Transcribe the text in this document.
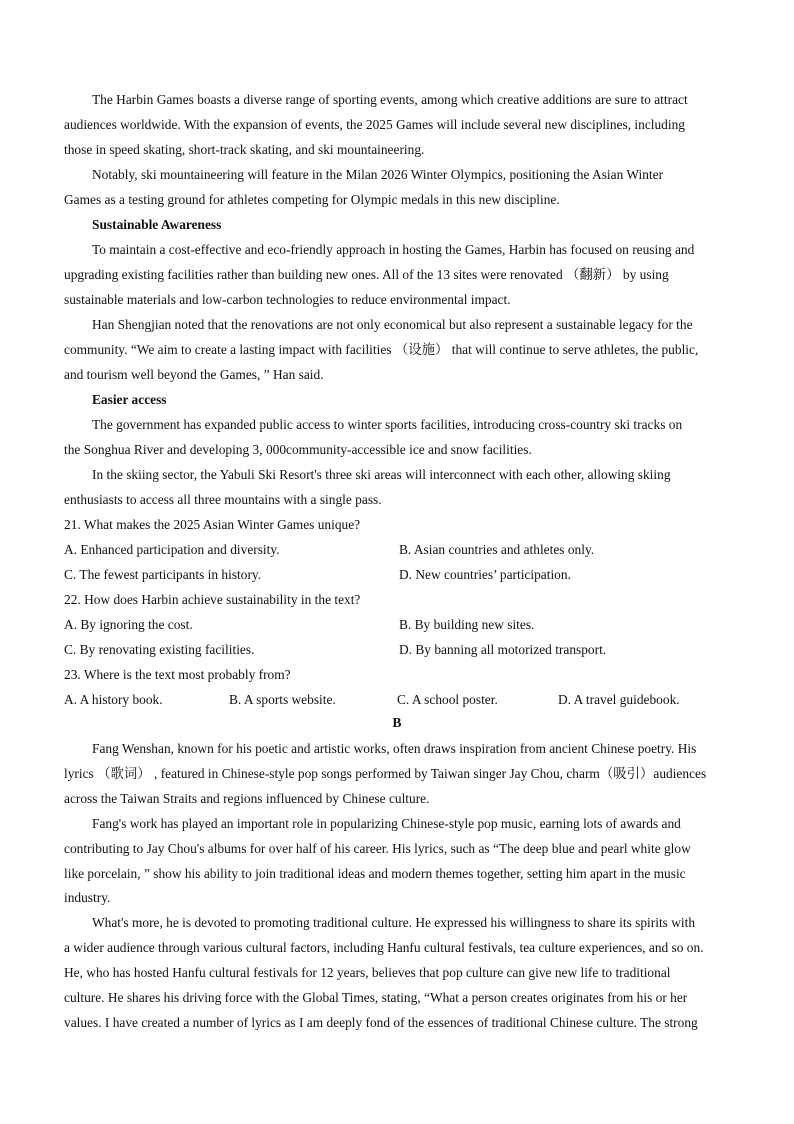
The Harbin Games boasts a diverse range of sporting events, among which creative additions are sure to attract
audiences worldwide. With the expansion of events, the 2025 Games will include several new disciplines, including
those in speed skating, short-track skating, and ski mountaineering.
Notably, ski mountaineering will feature in the Milan 2026 Winter Olympics, positioning the Asian Winter
Games as a testing ground for athletes competing for Olympic medals in this new discipline.
Sustainable Awareness
To maintain a cost-effective and eco-friendly approach in hosting the Games, Harbin has focused on reusing and
upgrading existing facilities rather than building new ones. All of the 13 sites were renovated （翻新） by using
sustainable materials and low-carbon technologies to reduce environmental impact.
Han Shengjian noted that the renovations are not only economical but also represent a sustainable legacy for the
community. “We aim to create a lasting impact with facilities （设施） that will continue to serve athletes, the public,
and tourism well beyond the Games, ” Han said.
Easier access
The government has expanded public access to winter sports facilities, introducing cross-country ski tracks on
the Songhua River and developing 3, 000community-accessible ice and snow facilities.
In the skiing sector, the Yabuli Ski Resort's three ski areas will interconnect with each other, allowing skiing
enthusiasts to access all three mountains with a single pass.
21. What makes the 2025 Asian Winter Games unique?
A. Enhanced participation and diversity.	B. Asian countries and athletes only.
C. The fewest participants in history.	D. New countries’ participation.
22. How does Harbin achieve sustainability in the text?
A. By ignoring the cost.	B. By building new sites.
C. By renovating existing facilities.	D. By banning all motorized transport.
23. Where is the text most probably from?
A. A history book.	B. A sports website.	C. A school poster.	D. A travel guidebook.
B
Fang Wenshan, known for his poetic and artistic works, often draws inspiration from ancient Chinese poetry. His
lyrics （歌词） , featured in Chinese-style pop songs performed by Taiwan singer Jay Chou, charm（吸引）audiences
across the Taiwan Straits and regions influenced by Chinese culture.
Fang's work has played an important role in popularizing Chinese-style pop music, earning lots of awards and
contributing to Jay Chou's albums for over half of his career. His lyrics, such as “The deep blue and pearl white glow
like porcelain, ” show his ability to join traditional ideas and modern themes together, setting him apart in the music
industry.
What's more, he is devoted to promoting traditional culture. He expressed his willingness to share its spirits with
a wider audience through various cultural factors, including Hanfu cultural festivals, tea culture experiences, and so on.
He, who has hosted Hanfu cultural festivals for 12 years, believes that pop culture can give new life to traditional
culture. He shares his driving force with the Global Times, stating, “What a person creates originates from his or her
values. I have created a number of lyrics as I am deeply fond of the essences of traditional Chinese culture. The strong
